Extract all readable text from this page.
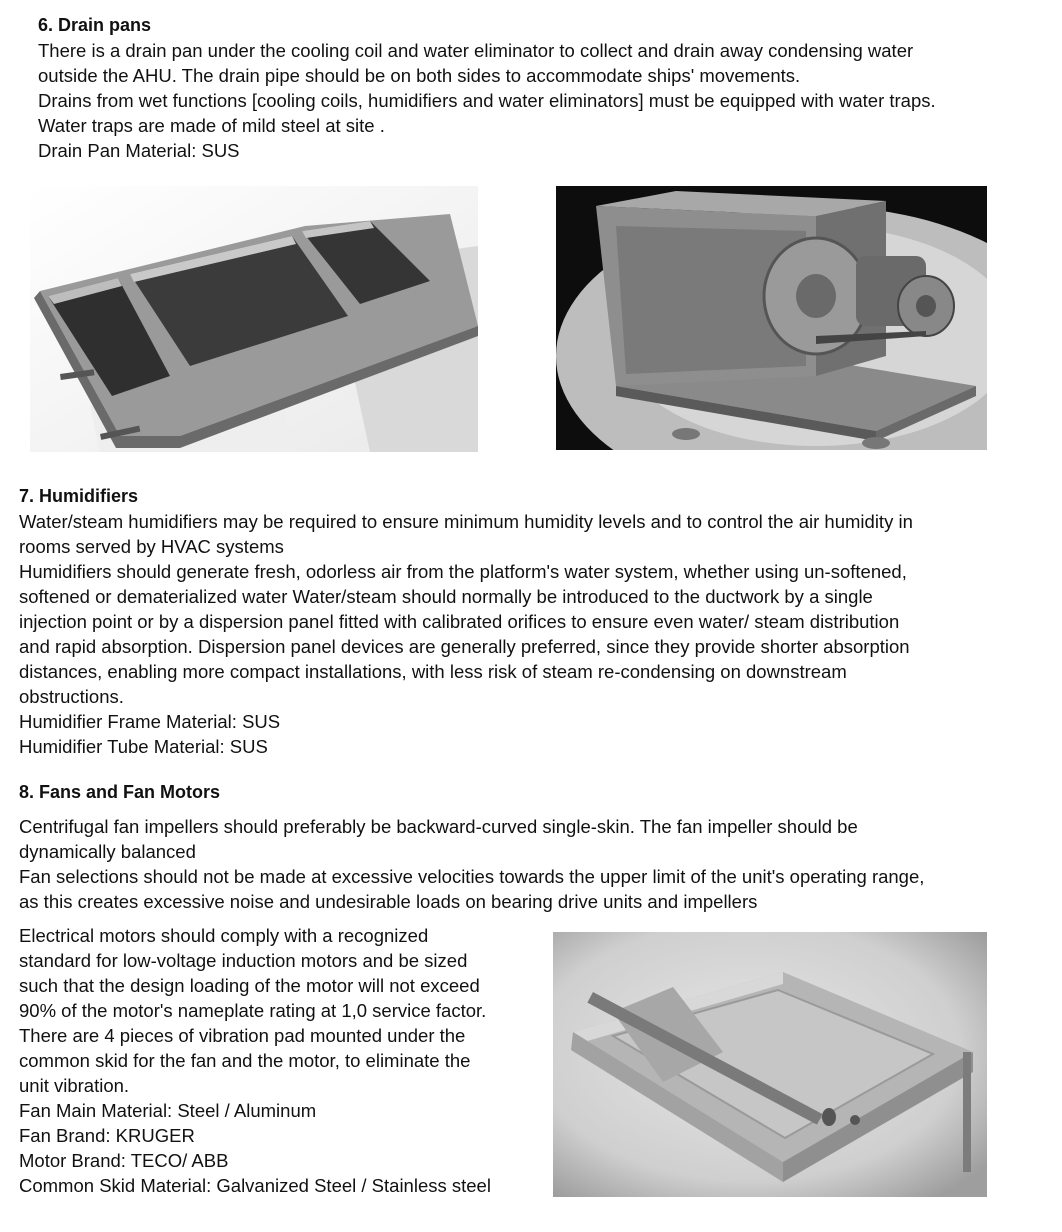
6. Drain pans

There is a drain pan under the cooling coil and water eliminator to collect and drain away condensing water

outside the AHU. The drain pipe should be on both sides to accommodate ships' movements.

Drains from wet functions [cooling coils, humidifiers and water eliminators] must be equipped with water traps.

Water traps are made of mild steel at site .

Drain Pan Material: SUS

7. Humidifiers

Water/steam humidifiers may be required to ensure minimum humidity levels and to control the air humidity in

rooms served by HVAC systems

Humidifiers should generate fresh, odorless air from the platform's water system, whether using un-softened,

softened or dematerialized water Water/steam should normally be introduced to the ductwork by a single

injection point or by a dispersion panel fitted with calibrated orifices to ensure even water/ steam distribution

and rapid absorption. Dispersion panel devices are generally preferred, since they provide shorter absorption

distances, enabling more compact installations, with less risk of steam re-condensing on downstream

obstructions.

Humidifier Frame Material: SUS

Humidifier Tube Material: SUS

8. Fans and Fan Motors

Centrifugal fan impellers should preferably be backward-curved single-skin. The fan impeller should be

dynamically balanced

Fan selections should not be made at excessive velocities towards the upper limit of the unit's operating range,

as this creates excessive noise and undesirable loads on bearing drive units and impellers

Electrical motors should comply with a recognized

standard for low-voltage induction motors and be sized

such that the design loading of the motor will not exceed

90% of the motor's nameplate rating at 1,0 service factor.

There are 4 pieces of vibration pad mounted under the

common skid for the fan and the motor, to eliminate the

unit vibration.

Fan Main Material: Steel / Aluminum

Fan Brand: KRUGER

Motor Brand: TECO/ ABB

Common Skid Material: Galvanized Steel / Stainless steel
